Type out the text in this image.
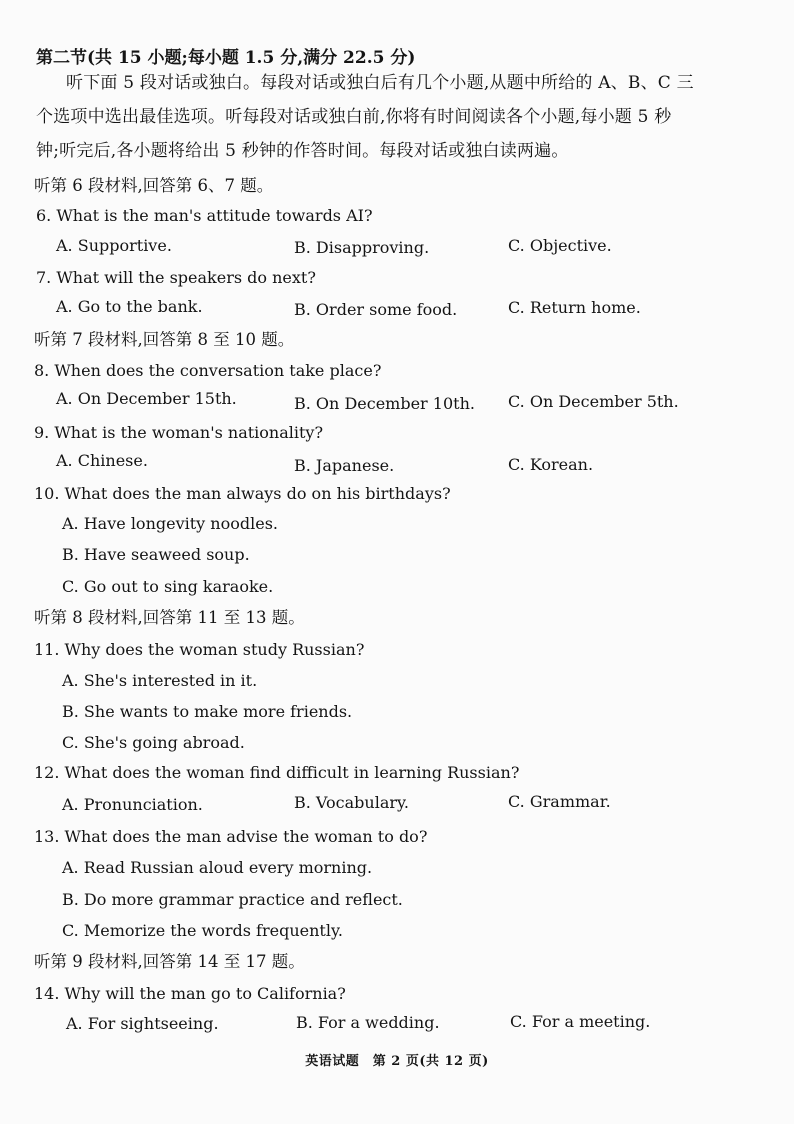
第二节(共 15 小题;每小题 1.5 分,满分 22.5 分)
听下面 5 段对话或独白。每段对话或独白后有几个小题,从题中所给的 A、B、C 三
个选项中选出最佳选项。听每段对话或独白前,你将有时间阅读各个小题,每小题 5 秒
钟;听完后,各小题将给出 5 秒钟的作答时间。每段对话或独白读两遍。
听第 6 段材料,回答第 6、7 题。
6. What is the man's attitude towards AI?
A. Supportive.	B. Disapproving.	C. Objective.
7. What will the speakers do next?
A. Go to the bank.	B. Order some food.	C. Return home.
听第 7 段材料,回答第 8 至 10 题。
8. When does the conversation take place?
A. On December 15th.	B. On December 10th. C. On December 5th.
9. What is the woman's nationality?
A. Chinese.	B. Japanese.	C. Korean.
10. What does the man always do on his birthdays?
A. Have longevity noodles.
B. Have seaweed soup.
C. Go out to sing karaoke.
听第 8 段材料,回答第 11 至 13 题。
11. Why does the woman study Russian?
A. She's interested in it.
B. She wants to make more friends.
C. She's going abroad.
12. What does the woman find difficult in learning Russian?
A. Pronunciation.	B. Vocabulary.	C. Grammar.
13. What does the man advise the woman to do?
A. Read Russian aloud every morning.
B. Do more grammar practice and reflect.
C. Memorize the words frequently.
听第 9 段材料,回答第 14 至 17 题。
14. Why will the man go to California?
A. For sightseeing.	B. For a wedding.	C. For a meeting.
英语试题　第 2 页(共 12 页)
